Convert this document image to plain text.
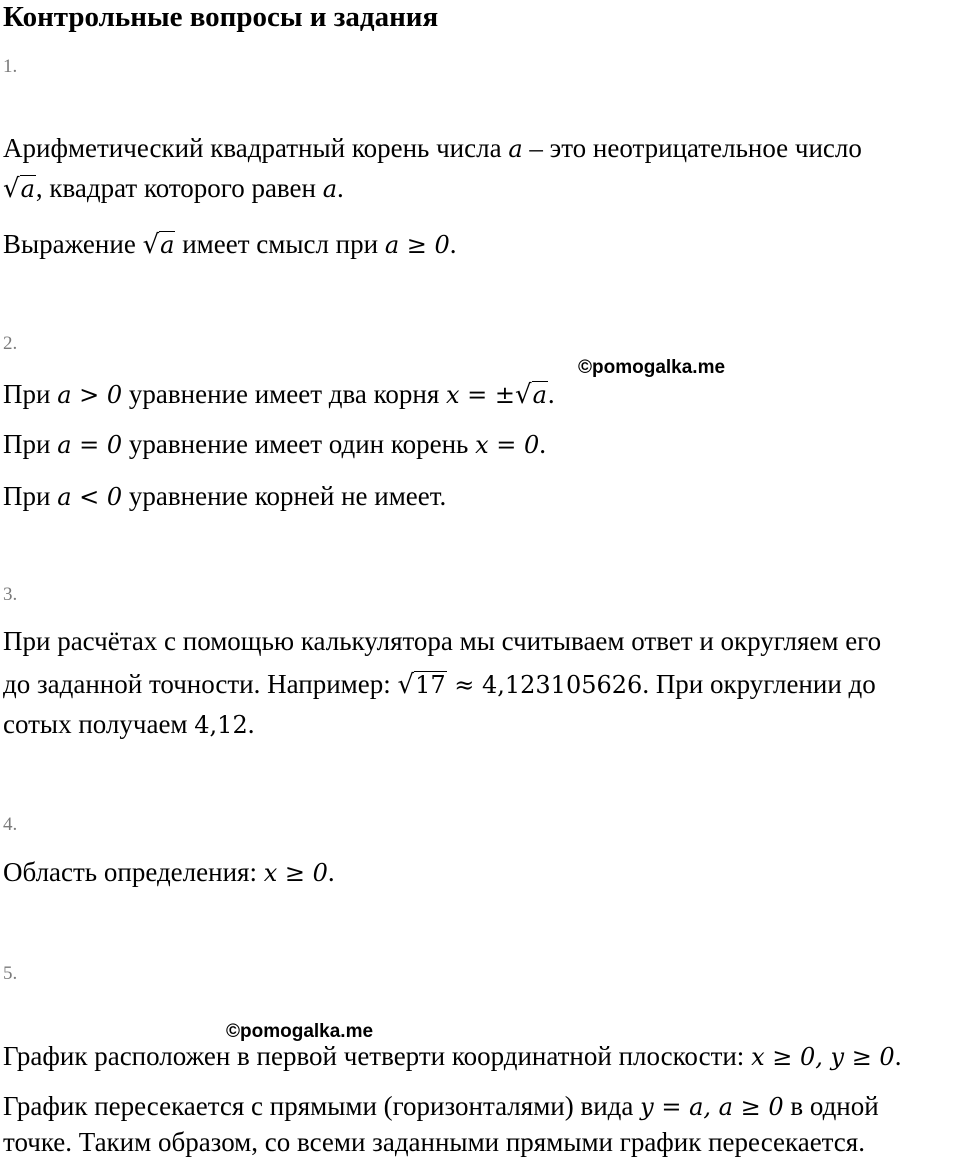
Контрольные вопросы и задания
1.
Арифметический квадратный корень числа a – это неотрицательное число
√a, квадрат которого равен a.
Выражение √a имеет смысл при a ≥ 0.
2.
©pomogalka.me
При a > 0 уравнение имеет два корня x = ±√a.
При a = 0 уравнение имеет один корень x = 0.
При a < 0 уравнение корней не имеет.
3.
При расчётах с помощью калькулятора мы считываем ответ и округляем его
до заданной точности. Например: √17 ≈ 4,123105626. При округлении до
сотых получаем 4,12.
4.
Область определения: x ≥ 0.
5.
©pomogalka.me
График расположен в первой четверти координатной плоскости: x ≥ 0, y ≥ 0.
График пересекается с прямыми (горизонталями) вида y = a, a ≥ 0 в одной
точке. Таким образом, со всеми заданными прямыми график пересекается.
